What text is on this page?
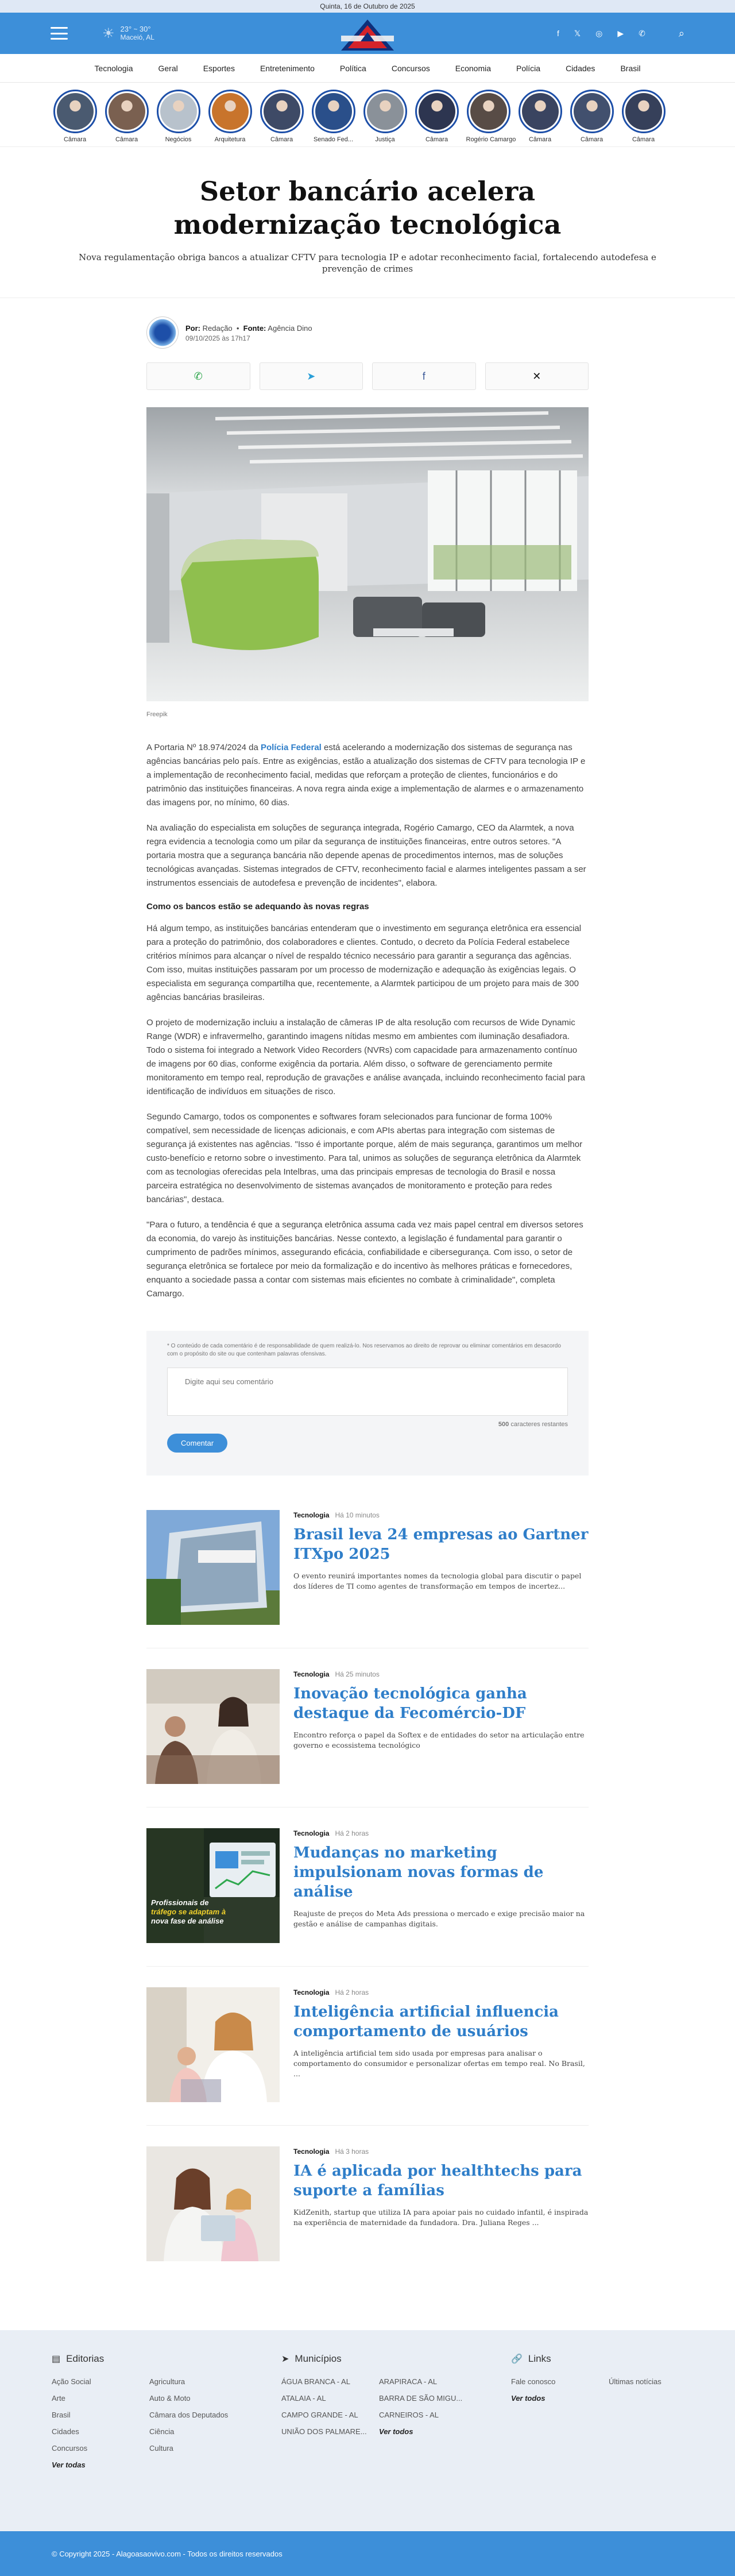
Quinta, 16 de Outubro de 2025
☀ 23° ~ 30°
Maceió, AL	f 𝕏 ◎ ▶ ✆	⌕
Tecnologia	Geral	Esportes	Entretenimento	Política	Concursos	Economia	Polícia	Cidades	Brasil
Câmara	Câmara	Negócios	Arquitetura	Câmara	Senado Fed...	Justiça	Câmara	Rogério Camargo Câmara	Câmara	Câmara
Setor bancário acelera modernização tecnológica

Nova regulamentação obriga bancos a atualizar CFTV para tecnologia IP e adotar reconhecimento facial, fortalecendo autodefesa e prevenção de crimes

Por: Redação  •  Fonte: Agência Dino
09/10/2025 às 17h17
✆	➤	f	✕
Freepik

A Portaria Nº 18.974/2024 da Polícia Federal está acelerando a modernização dos sistemas de segurança nas agências bancárias pelo país. Entre as exigências, estão a atualização dos sistemas de CFTV para tecnologia IP e a implementação de reconhecimento facial, medidas que reforçam a proteção de clientes, funcionários e do patrimônio das instituições financeiras. A nova regra ainda exige a implementação de alarmes e o armazenamento das imagens por, no mínimo, 60 dias.

Na avaliação do especialista em soluções de segurança integrada, Rogério Camargo, CEO da Alarmtek, a nova regra evidencia a tecnologia como um pilar da segurança de instituições financeiras, entre outros setores. "A portaria mostra que a segurança bancária não depende apenas de procedimentos internos, mas de soluções tecnológicas avançadas. Sistemas integrados de CFTV, reconhecimento facial e alarmes inteligentes passam a ser instrumentos essenciais de autodefesa e prevenção de incidentes", elabora.

Como os bancos estão se adequando às novas regras

Há algum tempo, as instituições bancárias entenderam que o investimento em segurança eletrônica era essencial para a proteção do patrimônio, dos colaboradores e clientes. Contudo, o decreto da Polícia Federal estabelece critérios mínimos para alcançar o nível de respaldo técnico necessário para garantir a segurança das agências. Com isso, muitas instituições passaram por um processo de modernização e adequação às exigências legais. O especialista em segurança compartilha que, recentemente, a Alarmtek participou de um projeto para mais de 300 agências bancárias brasileiras.

O projeto de modernização incluiu a instalação de câmeras IP de alta resolução com recursos de Wide Dynamic Range (WDR) e infravermelho, garantindo imagens nítidas mesmo em ambientes com iluminação desafiadora. Todo o sistema foi integrado a Network Video Recorders (NVRs) com capacidade para armazenamento contínuo de imagens por 60 dias, conforme exigência da portaria. Além disso, o software de gerenciamento permite monitoramento em tempo real, reprodução de gravações e análise avançada, incluindo reconhecimento facial para identificação de indivíduos em situações de risco.

Segundo Camargo, todos os componentes e softwares foram selecionados para funcionar de forma 100% compatível, sem necessidade de licenças adicionais, e com APIs abertas para integração com sistemas de segurança já existentes nas agências. "Isso é importante porque, além de mais segurança, garantimos um melhor custo-benefício e retorno sobre o investimento. Para tal, unimos as soluções de segurança eletrônica da Alarmtek com as tecnologias oferecidas pela Intelbras, uma das principais empresas de tecnologia do Brasil e nossa parceira estratégica no desenvolvimento de sistemas avançados de monitoramento e proteção para redes bancárias", destaca.

"Para o futuro, a tendência é que a segurança eletrônica assuma cada vez mais papel central em diversos setores da economia, do varejo às instituições bancárias. Nesse contexto, a legislação é fundamental para garantir o cumprimento de padrões mínimos, assegurando eficácia, confiabilidade e cibersegurança. Com isso, o setor de segurança eletrônica se fortalece por meio da formalização e do incentivo às melhores práticas e fornecedores, enquanto a sociedade passa a contar com sistemas mais eficientes no combate à criminalidade", completa Camargo.

* O conteúdo de cada comentário é de responsabilidade de quem realizá-lo. Nos reservamos ao direito de reprovar ou eliminar comentários em desacordo com o propósito do site ou que contenham palavras ofensivas.
Digite aqui seu comentário
500 caracteres restantes
Comentar
Tecnologia Há 10 minutos
Brasil leva 24 empresas ao Gartner ITXpo 2025
O evento reunirá importantes nomes da tecnologia global para discutir o papel dos líderes de TI como agentes de transformação em tempos de incertez...
Tecnologia Há 25 minutos
Inovação tecnológica ganha destaque da Fecomércio-DF
Encontro reforça o papel da Softex e de entidades do setor na articulação entre governo e ecossistema tecnológico
Profissionais de
tráfego se adaptam à
nova fase de análise
Tecnologia Há 2 horas
Mudanças no marketing impulsionam novas formas de análise
Reajuste de preços do Meta Ads pressiona o mercado e exige precisão maior na gestão e análise de campanhas digitais.
Tecnologia Há 2 horas
Inteligência artificial influencia comportamento de usuários
A inteligência artificial tem sido usada por empresas para analisar o comportamento do consumidor e personalizar ofertas em tempo real. No Brasil, ...
Tecnologia Há 3 horas
IA é aplicada por healthtechs para suporte a famílias
KidZenith, startup que utiliza IA para apoiar pais no cuidado infantil, é inspirada na experiência de maternidade da fundadora. Dra. Juliana Reges ...
▤ Editorias
Ação Social	Agricultura
Arte	Auto & Moto
Brasil	Câmara dos Deputados
Cidades	Ciência
Concursos	Cultura
Ver todas
➤ Municípios
ÁGUA BRANCA - AL	ARAPIRACA - AL
ATALAIA - AL	BARRA DE SÃO MIGU...
CAMPO GRANDE - AL	CARNEIROS - AL
UNIÃO DOS PALMARE...	Ver todos
🔗 Links
Fale conosco	Últimas notícias
Ver todos
© Copyright 2025 - Alagoasaovivo.com - Todos os direitos reservados
